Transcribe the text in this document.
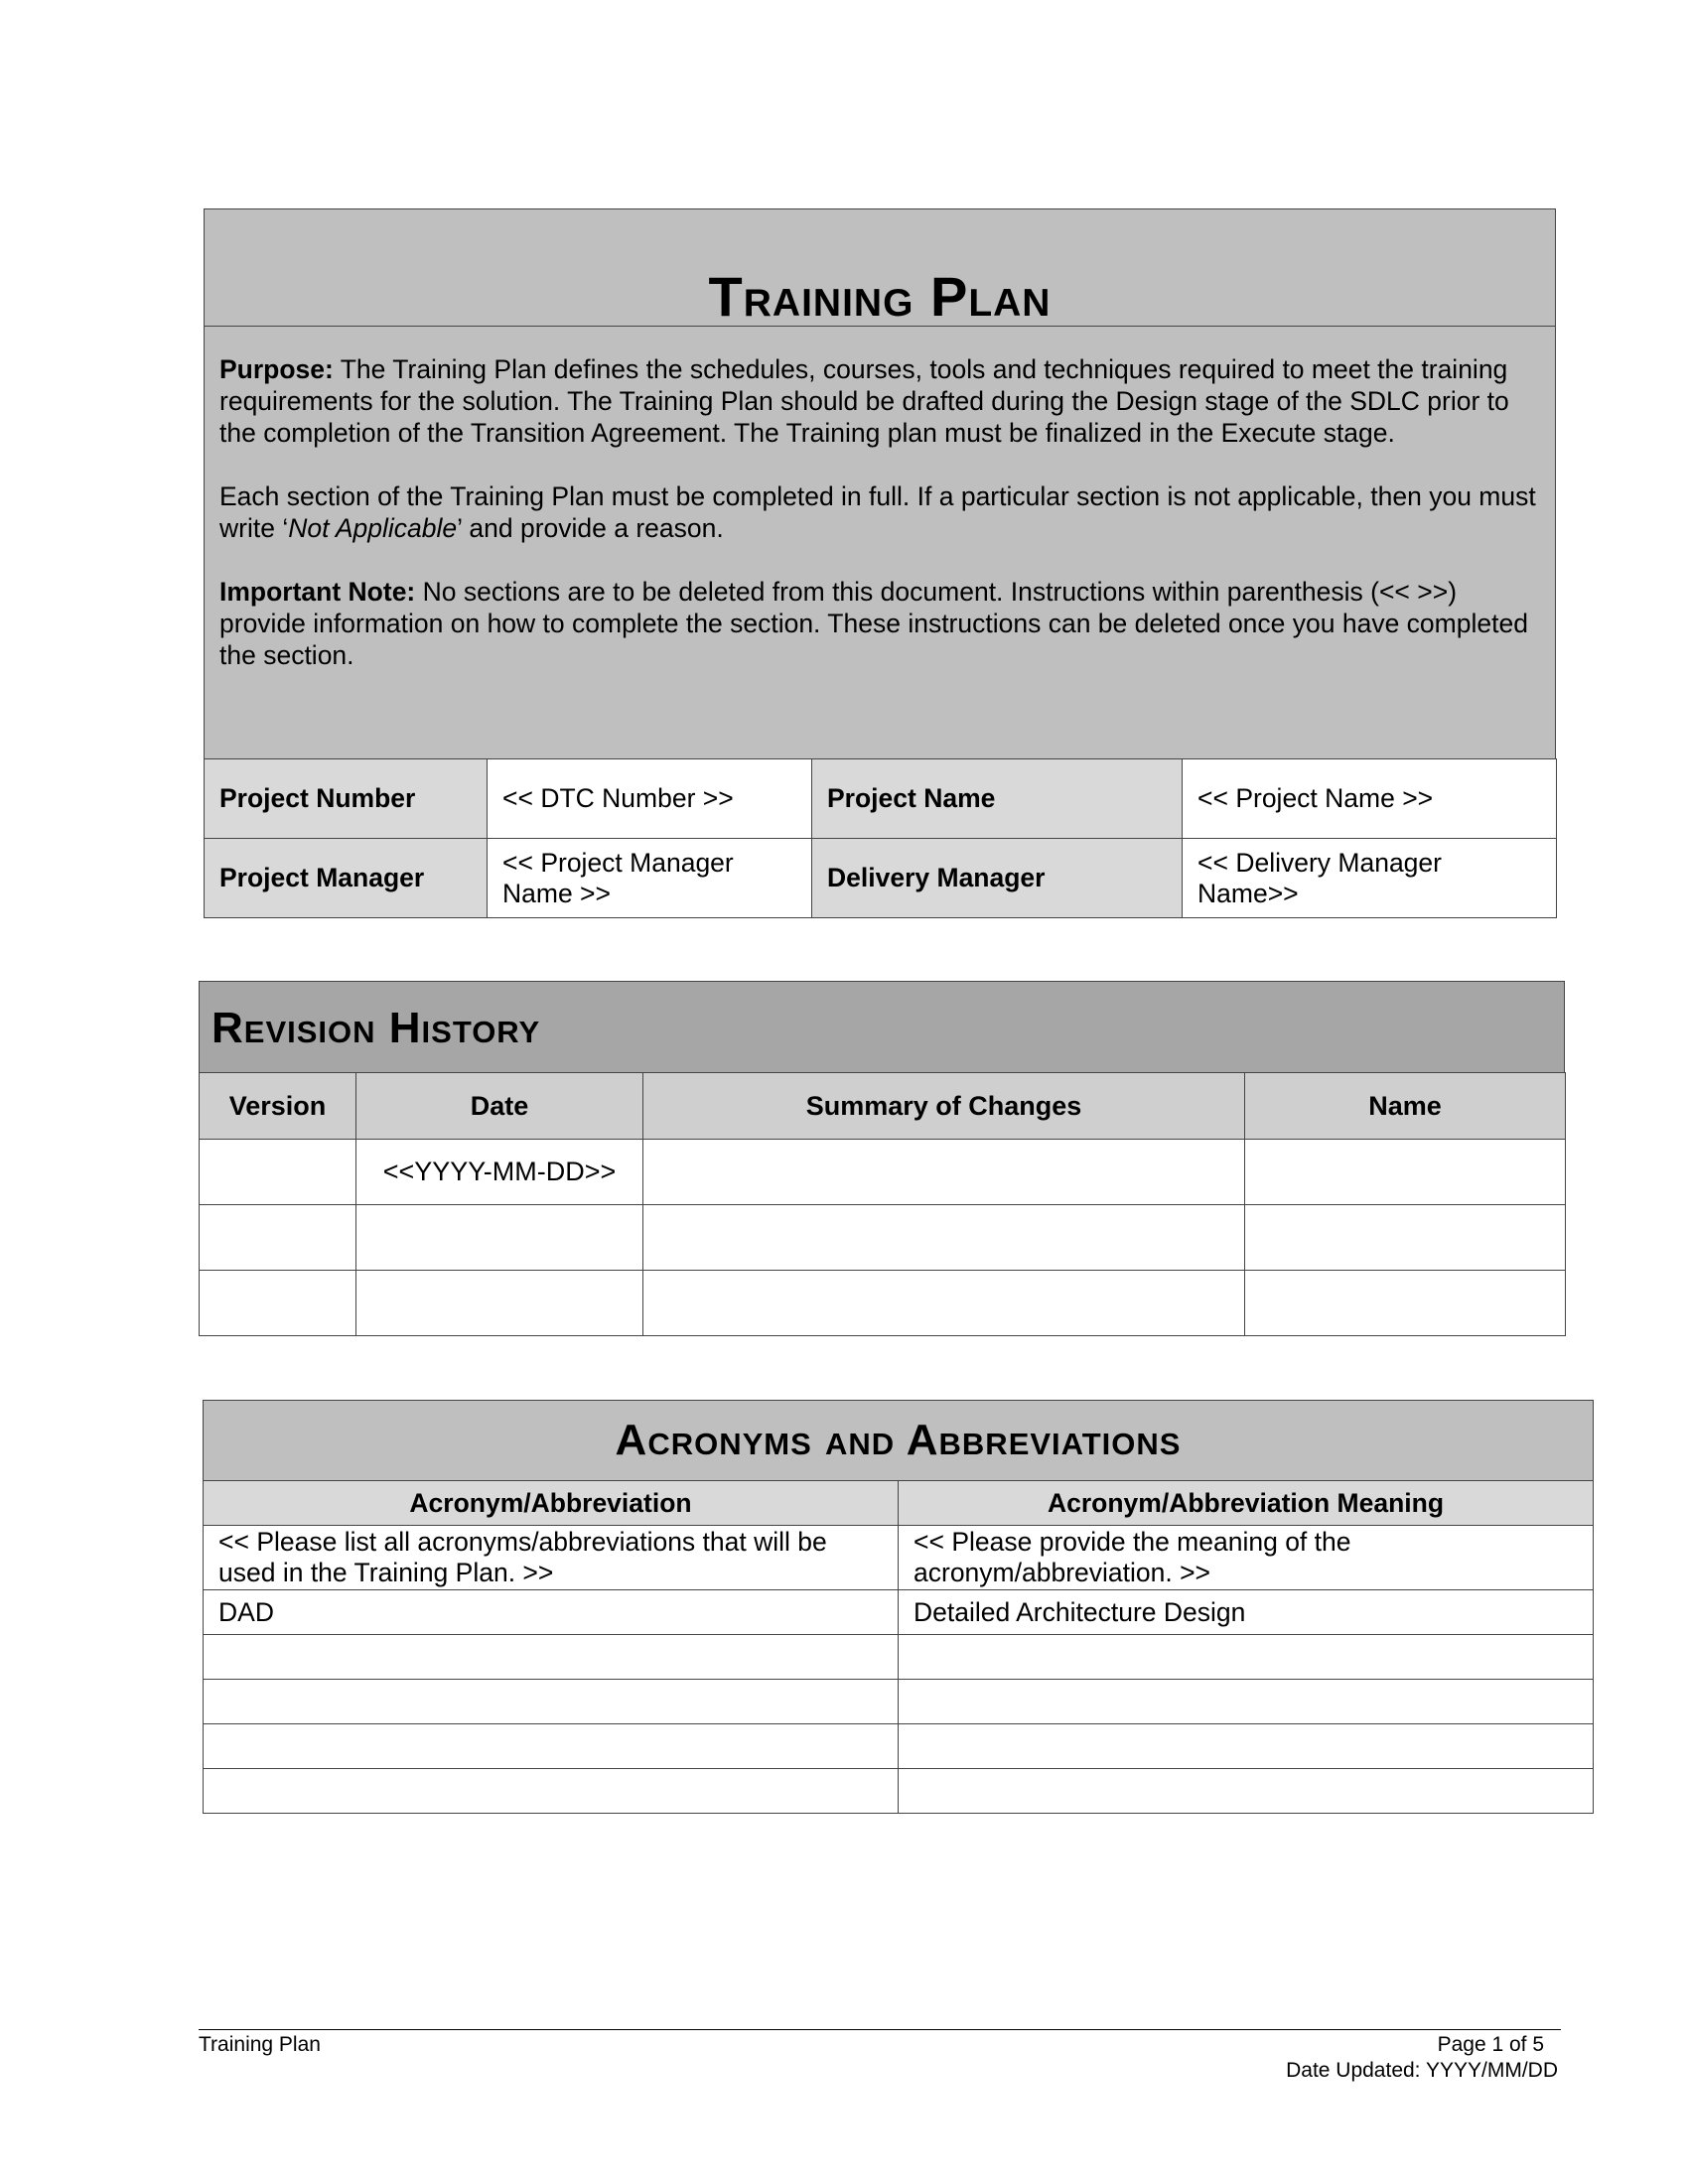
Training Plan

Purpose: The Training Plan defines the schedules, courses, tools and techniques required to meet the training requirements for the solution. The Training Plan should be drafted during the Design stage of the SDLC prior to the completion of the Transition Agreement. The Training plan must be finalized in the Execute stage.

Each section of the Training Plan must be completed in full. If a particular section is not applicable, then you must write ‘Not Applicable’ and provide a reason.

Important Note: No sections are to be deleted from this document. Instructions within parenthesis (<< >>) provide information on how to complete the section. These instructions can be deleted once you have completed the section.

Project Number	<< DTC Number >>	Project Name	<< Project Name >>
Project Manager	<< Project Manager Name >>	Delivery Manager	<< Delivery Manager Name>>
Revision History
Version	Date	Summary of Changes	Name
	<<YYYY-MM-DD>>		

Acronyms and Abbreviations	
Acronym/Abbreviation	Acronym/Abbreviation Meaning
<< Please list all acronyms/abbreviations that will be used in the Training Plan. >>	<< Please provide the meaning of the acronym/abbreviation. >>
DAD	Detailed Architecture Design

Training Plan	Page 1 of 5
Date Updated: YYYY/MM/DD
